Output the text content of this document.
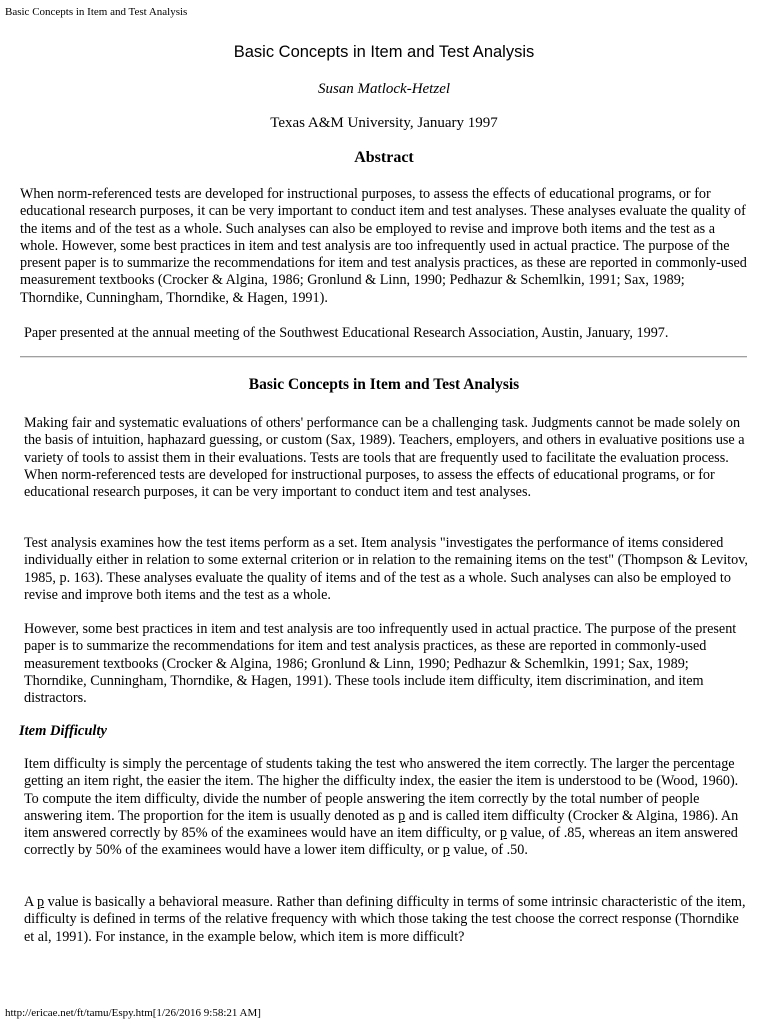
Basic Concepts in Item and Test Analysis
Basic Concepts in Item and Test Analysis
Susan Matlock-Hetzel
Texas A&M University, January 1997
Abstract

When norm-referenced tests are developed for instructional purposes, to assess the effects of educational programs, or for educational research purposes, it can be very important to conduct item and test analyses. These analyses evaluate the quality of the items and of the test as a whole. Such analyses can also be employed to revise and improve both items and the test as a whole. However, some best practices in item and test analysis are too infrequently used in actual practice. The purpose of the present paper is to summarize the recommendations for item and test analysis practices, as these are reported in commonly-used measurement textbooks (Crocker & Algina, 1986; Gronlund & Linn, 1990; Pedhazur & Schemlkin, 1991; Sax, 1989; Thorndike, Cunningham, Thorndike, & Hagen, 1991).

Paper presented at the annual meeting of the Southwest Educational Research Association, Austin, January, 1997.

Basic Concepts in Item and Test Analysis

Making fair and systematic evaluations of others' performance can be a challenging task. Judgments cannot be made solely on the basis of intuition, haphazard guessing, or custom (Sax, 1989). Teachers, employers, and others in evaluative positions use a variety of tools to assist them in their evaluations. Tests are tools that are frequently used to facilitate the evaluation process. When norm-referenced tests are developed for instructional purposes, to assess the effects of educational programs, or for educational research purposes, it can be very important to conduct item and test analyses.

Test analysis examines how the test items perform as a set. Item analysis "investigates the performance of items considered individually either in relation to some external criterion or in relation to the remaining items on the test" (Thompson & Levitov, 1985, p. 163). These analyses evaluate the quality of items and of the test as a whole. Such analyses can also be employed to revise and improve both items and the test as a whole.

However, some best practices in item and test analysis are too infrequently used in actual practice. The purpose of the present paper is to summarize the recommendations for item and test analysis practices, as these are reported in commonly-used measurement textbooks (Crocker & Algina, 1986; Gronlund & Linn, 1990; Pedhazur & Schemlkin, 1991; Sax, 1989; Thorndike, Cunningham, Thorndike, & Hagen, 1991). These tools include item difficulty, item discrimination, and item distractors.

Item Difficulty

Item difficulty is simply the percentage of students taking the test who answered the item correctly. The larger the percentage getting an item right, the easier the item. The higher the difficulty index, the easier the item is understood to be (Wood, 1960). To compute the item difficulty, divide the number of people answering the item correctly by the total number of people answering item. The proportion for the item is usually denoted as p and is called item difficulty (Crocker & Algina, 1986). An item answered correctly by 85% of the examinees would have an item difficulty, or p value, of .85, whereas an item answered correctly by 50% of the examinees would have a lower item difficulty, or p value, of .50.

A p value is basically a behavioral measure. Rather than defining difficulty in terms of some intrinsic characteristic of the item, difficulty is defined in terms of the relative frequency with which those taking the test choose the correct response (Thorndike et al, 1991). For instance, in the example below, which item is more difficult?

http://ericae.net/ft/tamu/Espy.htm[1/26/2016 9:58:21 AM]
